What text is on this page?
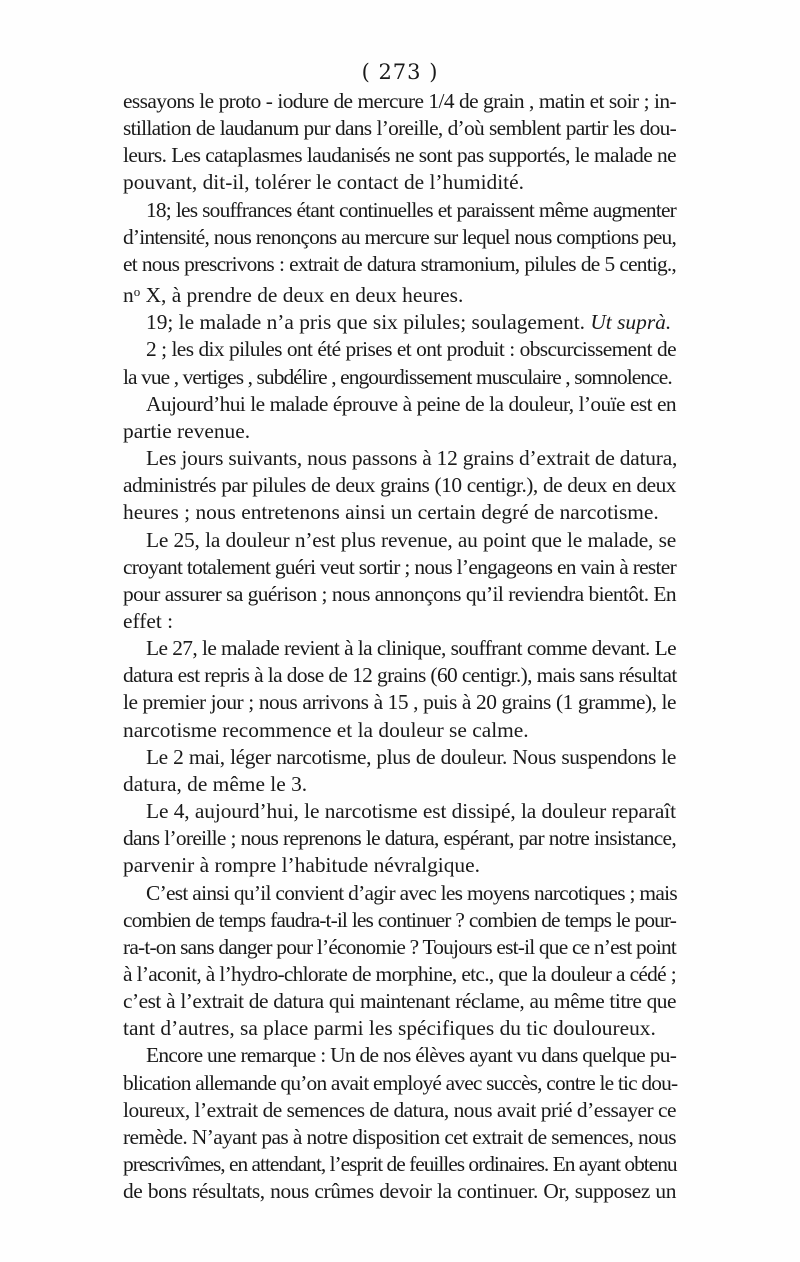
( 273 )

essayons le proto - iodure de mercure 1/4 de grain , matin et soir ; in-
stillation de laudanum pur dans l’oreille, d’où semblent partir les dou-
leurs. Les cataplasmes laudanisés ne sont pas supportés, le malade ne
pouvant, dit-il, tolérer le contact de l’humidité.

18; les souffrances étant continuelles et paraissent même augmenter
d’intensité, nous renonçons au mercure sur lequel nous comptions peu,
et nous prescrivons : extrait de datura stramonium, pilules de 5 centig.,
$n^o$ X, à prendre de deux en deux heures.

19; le malade n’a pris que six pilules; soulagement. Ut suprà.

2 ; les dix pilules ont été prises et ont produit : obscurcissement de
la vue , vertiges , subdélire , engourdissement musculaire , somnolence.

Aujourd’hui le malade éprouve à peine de la douleur, l’ouïe est en
partie revenue.

Les jours suivants, nous passons à 12 grains d’extrait de datura,
administrés par pilules de deux grains (10 centigr.), de deux en deux
heures ; nous entretenons ainsi un certain degré de narcotisme.

Le 25, la douleur n’est plus revenue, au point que le malade, se
croyant totalement guéri veut sortir ; nous l’engageons en vain à rester
pour assurer sa guérison ; nous annonçons qu’il reviendra bientôt. En
effet :

Le 27, le malade revient à la clinique, souffrant comme devant. Le
datura est repris à la dose de 12 grains (60 centigr.), mais sans résultat
le premier jour ; nous arrivons à 15 , puis à 20 grains (1 gramme), le
narcotisme recommence et la douleur se calme.

Le 2 mai, léger narcotisme, plus de douleur. Nous suspendons le
datura, de même le 3.

Le 4, aujourd’hui, le narcotisme est dissipé, la douleur reparaît
dans l’oreille ; nous reprenons le datura, espérant, par notre insistance,
parvenir à rompre l’habitude névralgique.

C’est ainsi qu’il convient d’agir avec les moyens narcotiques ; mais
combien de temps faudra-t-il les continuer ? combien de temps le pour-
ra-t-on sans danger pour l’économie ? Toujours est-il que ce n’est point
à l’aconit, à l’hydro-chlorate de morphine, etc., que la douleur a cédé ;
c’est à l’extrait de datura qui maintenant réclame, au même titre que
tant d’autres, sa place parmi les spécifiques du tic douloureux.

Encore une remarque : Un de nos élèves ayant vu dans quelque pu-
blication allemande qu’on avait employé avec succès, contre le tic dou-
loureux, l’extrait de semences de datura, nous avait prié d’essayer ce
remède. N’ayant pas à notre disposition cet extrait de semences, nous
prescrivîmes, en attendant, l’esprit de feuilles ordinaires. En ayant obtenu
de bons résultats, nous crûmes devoir la continuer. Or, supposez un
